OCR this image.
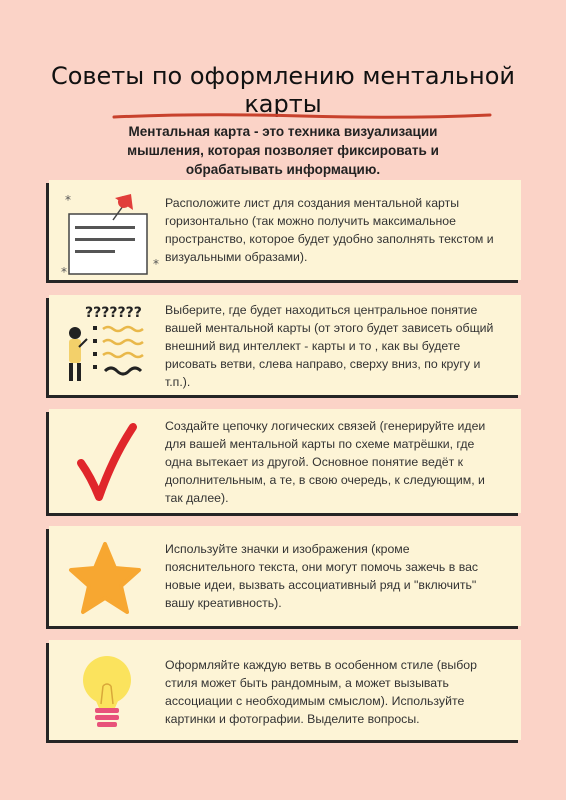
Советы по оформлению ментальной карты
Ментальная карта - это техника визуализации мышления, которая позволяет фиксировать и обрабатывать информацию.
*
*
*
Расположите лист для создания ментальной карты горизонтально (так можно получить максимальное пространство, которое будет удобно заполнять текстом и визуальными образами).
??????? Выберите, где будет находиться центральное понятие вашей ментальной карты (от этого будет зависеть общий внешний вид интеллект - карты и то , как вы будете рисовать ветви, слева направо, сверху вниз, по кругу и т.п.).
Создайте цепочку логических связей (генерируйте идеи для вашей ментальной карты по схеме матрёшки, где одна вытекает из другой. Основное понятие ведёт к дополнительным, а те, в свою очередь, к следующим, и так далее).
Используйте значки и изображения (кроме пояснительного текста, они могут помочь зажечь в вас новые идеи, вызвать ассоциативный ряд и "включить" вашу креативность).
Оформляйте каждую ветвь в особенном стиле (выбор стиля может быть рандомным, а может вызывать ассоциации с необходимым смыслом). Используйте картинки и фотографии. Выделите вопросы.
